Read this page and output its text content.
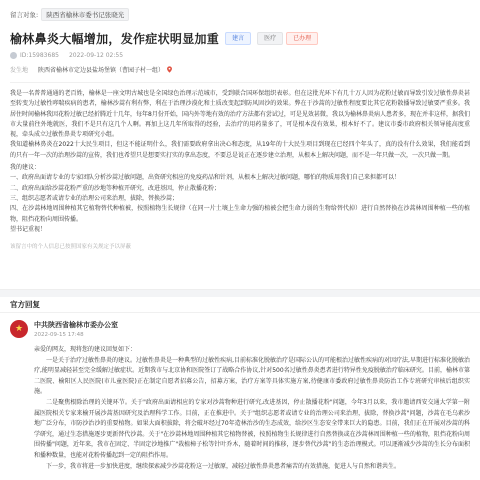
留言对象:	陕西省榆林市委书记张晓光
榆林鼻炎大幅增加，发作症状明显加重	建言	医疗	已办理
ID:15983685 2022-09-12 02:55
发生地	陕西省榆林市定边县盐场堡镇（曹园子村一组）

我是一名普普通通的老百姓，榆林是一座文明古城也是全国绿色治理示范城市，受到联合国环保组织表彰。但在这批光环下有几十万人因为花粉过敏而导致引发过敏性鼻炎甚至转变为过敏性哮喘疾病的患者，榆林沙蒿有利有弊，利在于治理沙漠化和土质改变起到防风固沙的效果。弊在于沙蒿的过敏性程度要比其它花粉散播导致过敏要严重多。我居住时间榆林我因花粉过敏已经折腾近十几年，每年8月份开始，国内外等地有效的治疗方法都有尝试过，可是见效甚微，我以为榆林鼻炎病人患者多，现在并非这样，据我们市大量前往外地就医，我们不是只有这几个人啊。再加上这几年所取得的经验，去治疗的用药量多了，可是根本没有效果，根本好不了。建议市委市政府相关领导能高度重视，牵头成立过敏性鼻炎专项研究小组。

我知道榆林鼻炎在2022十大民生项目，但这不能证明什么，我们需要政府拿出决心和态度，从19年的十大民生项目到现在已经四个年头了，真的没有什么效果，我们能看到的只有一年一次的治理沙蒿的宣传，我们也希望只是想要实打实的拿出态度，不要总是说正在逐步建立治理，从根本上解决问题，而不是一年只做一次，一次只做一期。

我的建议：

一、政府出面请专业的专家团队分析沙蒿过敏问题，出资研究相应的免疫药品和针剂，从根本上解决过敏问题，哪怕的物质用我们自己来担都可以！

二、政府出面给沙蒿花粉严重的沙地等种植开研究，改进基因，停止散播花粉；

三、组织志愿者或请专业的治理公司来治理，拔除，替换沙蒿；

四、在沙蒿林地周围种植其它植物替代种植被，按照植物生长规律（在同一片土壤上生命力强的植被会把生命力弱的生物给替代掉）进行自然替换在沙蒿林周围种植一些的植物，阻挡花粉向周围传播。

望书记重视！

该留言中的个人信息已按照国家有关规定予以屏蔽
官方回复
★ 中共陕西省榆林市委办公室
2022-09-15 17:48

亲爱的网友，现将您的建议回复如下：

一是关于治疗过敏性鼻炎的建议。过敏性鼻炎是一种典型的过敏性疾病,目前标准化脱敏治疗是国际公认的可能根治过敏性疾病的对因疗法,早期进行标准化脱敏治疗,能明显减轻甚至完全缓解过敏症状。近期我市与北京协和医院签订了战略合作协议,针对500名过敏性鼻炎患者进行特异性免疫脱敏治疗临床研究。目前，榆林市第二医院、榆阳区人民医院(市儿童医院)正在制定自愿者招募公告，招募方案，治疗方案等具体实施方案,待健康市委政府过敏性鼻炎防治工作专班研究审核后组织实施。

二是聚焦根除治理的关键环节。关于"政府出面请相应的专家对沙蒿物种进行研究,改进基因，停止散播花粉"问题，今年3月以来，我市邀请西安交通大学第一附属医院相关专家来榆开展沙蒿基因研究及治理科学工作。目前，正在推进中。关于"组织志愿者或请专业的治理公司来治理，拔除，替换沙蒿"问题，沙蒿在毛乌素沙地广泛分布，市防沙治沙的重要植物。如果大面积拔除，将会破坏经过70年造林治沙的生态成效，给沙区生态安全带来巨大的隐患。目前，我们正在开展对沙蒿的科学研究，通过生态措施逐步更新替代沙蒿。关于"在沙蒿林地周围种植其它植物替被，按照植物生长规律进行自然替换或在沙蒿林周围种植一些的植物，阻挡花粉向周围传播"问题，近年来，我市在固定、半固定沙地推广"栽植樟子松等针叶乔木，随着时间的推移，逐步替代沙蒿"的生态治理模式。可以逐渐减少沙蒿的生长分布面积和播种数量，也能对花粉传播起到一定的阻挡作用。

下一步，我市将进一步加快进度，继续探索减少沙蒿花粉这一过敏原，减轻过敏性鼻炎患者痛苦的有效措施，促进人与自然和谐共生。
